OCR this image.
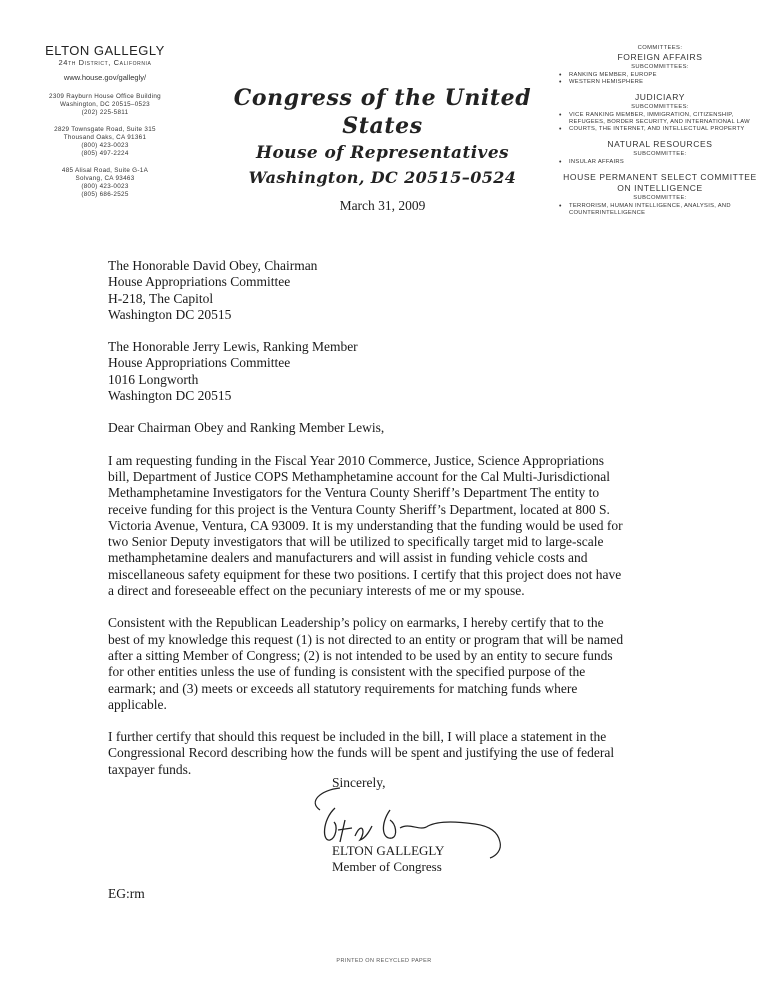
ELTON GALLEGLY
24th District, California
www.house.gov/gallegly/
2309 Rayburn House Office Building
Washington, DC 20515–0523
(202) 225-5811
2829 Townsgate Road, Suite 315
Thousand Oaks, CA 91361
(800) 423-0023
(805) 497-2224
485 Alisal Road, Suite G-1A
Solvang, CA 93463
(800) 423-0023
(805) 686-2525
Congress of the United States
House of Representatives
Washington, DC 20515–0524
March 31, 2009
COMMITTEES:
FOREIGN AFFAIRS
SUBCOMMITTEES:
• RANKING MEMBER, EUROPE
• WESTERN HEMISPHERE
JUDICIARY
SUBCOMMITTEES:
• VICE RANKING MEMBER, IMMIGRATION, CITIZENSHIP, REFUGEES, BORDER SECURITY, AND INTERNATIONAL LAW
• COURTS, THE INTERNET, AND INTELLECTUAL PROPERTY
NATURAL RESOURCES
SUBCOMMITTEE:
• INSULAR AFFAIRS
HOUSE PERMANENT SELECT COMMITTEE ON INTELLIGENCE
SUBCOMMITTEE:
• TERRORISM, HUMAN INTELLIGENCE, ANALYSIS, AND COUNTERINTELLIGENCE
The Honorable David Obey, Chairman
House Appropriations Committee
H-218, The Capitol
Washington DC 20515
The Honorable Jerry Lewis, Ranking Member
House Appropriations Committee
1016 Longworth
Washington DC 20515
Dear Chairman Obey and Ranking Member Lewis,
I am requesting funding in the Fiscal Year 2010 Commerce, Justice, Science Appropriations bill, Department of Justice COPS Methamphetamine account for the Cal Multi-Jurisdictional Methamphetamine Investigators for the Ventura County Sheriff’s Department The entity to receive funding for this project is the Ventura County Sheriff’s Department, located at 800 S. Victoria Avenue, Ventura, CA 93009. It is my understanding that the funding would be used for two Senior Deputy investigators that will be utilized to specifically target mid to large-scale methamphetamine dealers and manufacturers and will assist in funding vehicle costs and miscellaneous safety equipment for these two positions. I certify that this project does not have a direct and foreseeable effect on the pecuniary interests of me or my spouse.
Consistent with the Republican Leadership’s policy on earmarks, I hereby certify that to the best of my knowledge this request (1) is not directed to an entity or program that will be named after a sitting Member of Congress; (2) is not intended to be used by an entity to secure funds for other entities unless the use of funding is consistent with the specified purpose of the earmark; and (3) meets or exceeds all statutory requirements for matching funds where applicable.
I further certify that should this request be included in the bill, I will place a statement in the Congressional Record describing how the funds will be spent and justifying the use of federal taxpayer funds.
Sincerely,
ELTON GALLEGLY
Member of Congress
EG:rm
PRINTED ON RECYCLED PAPER
